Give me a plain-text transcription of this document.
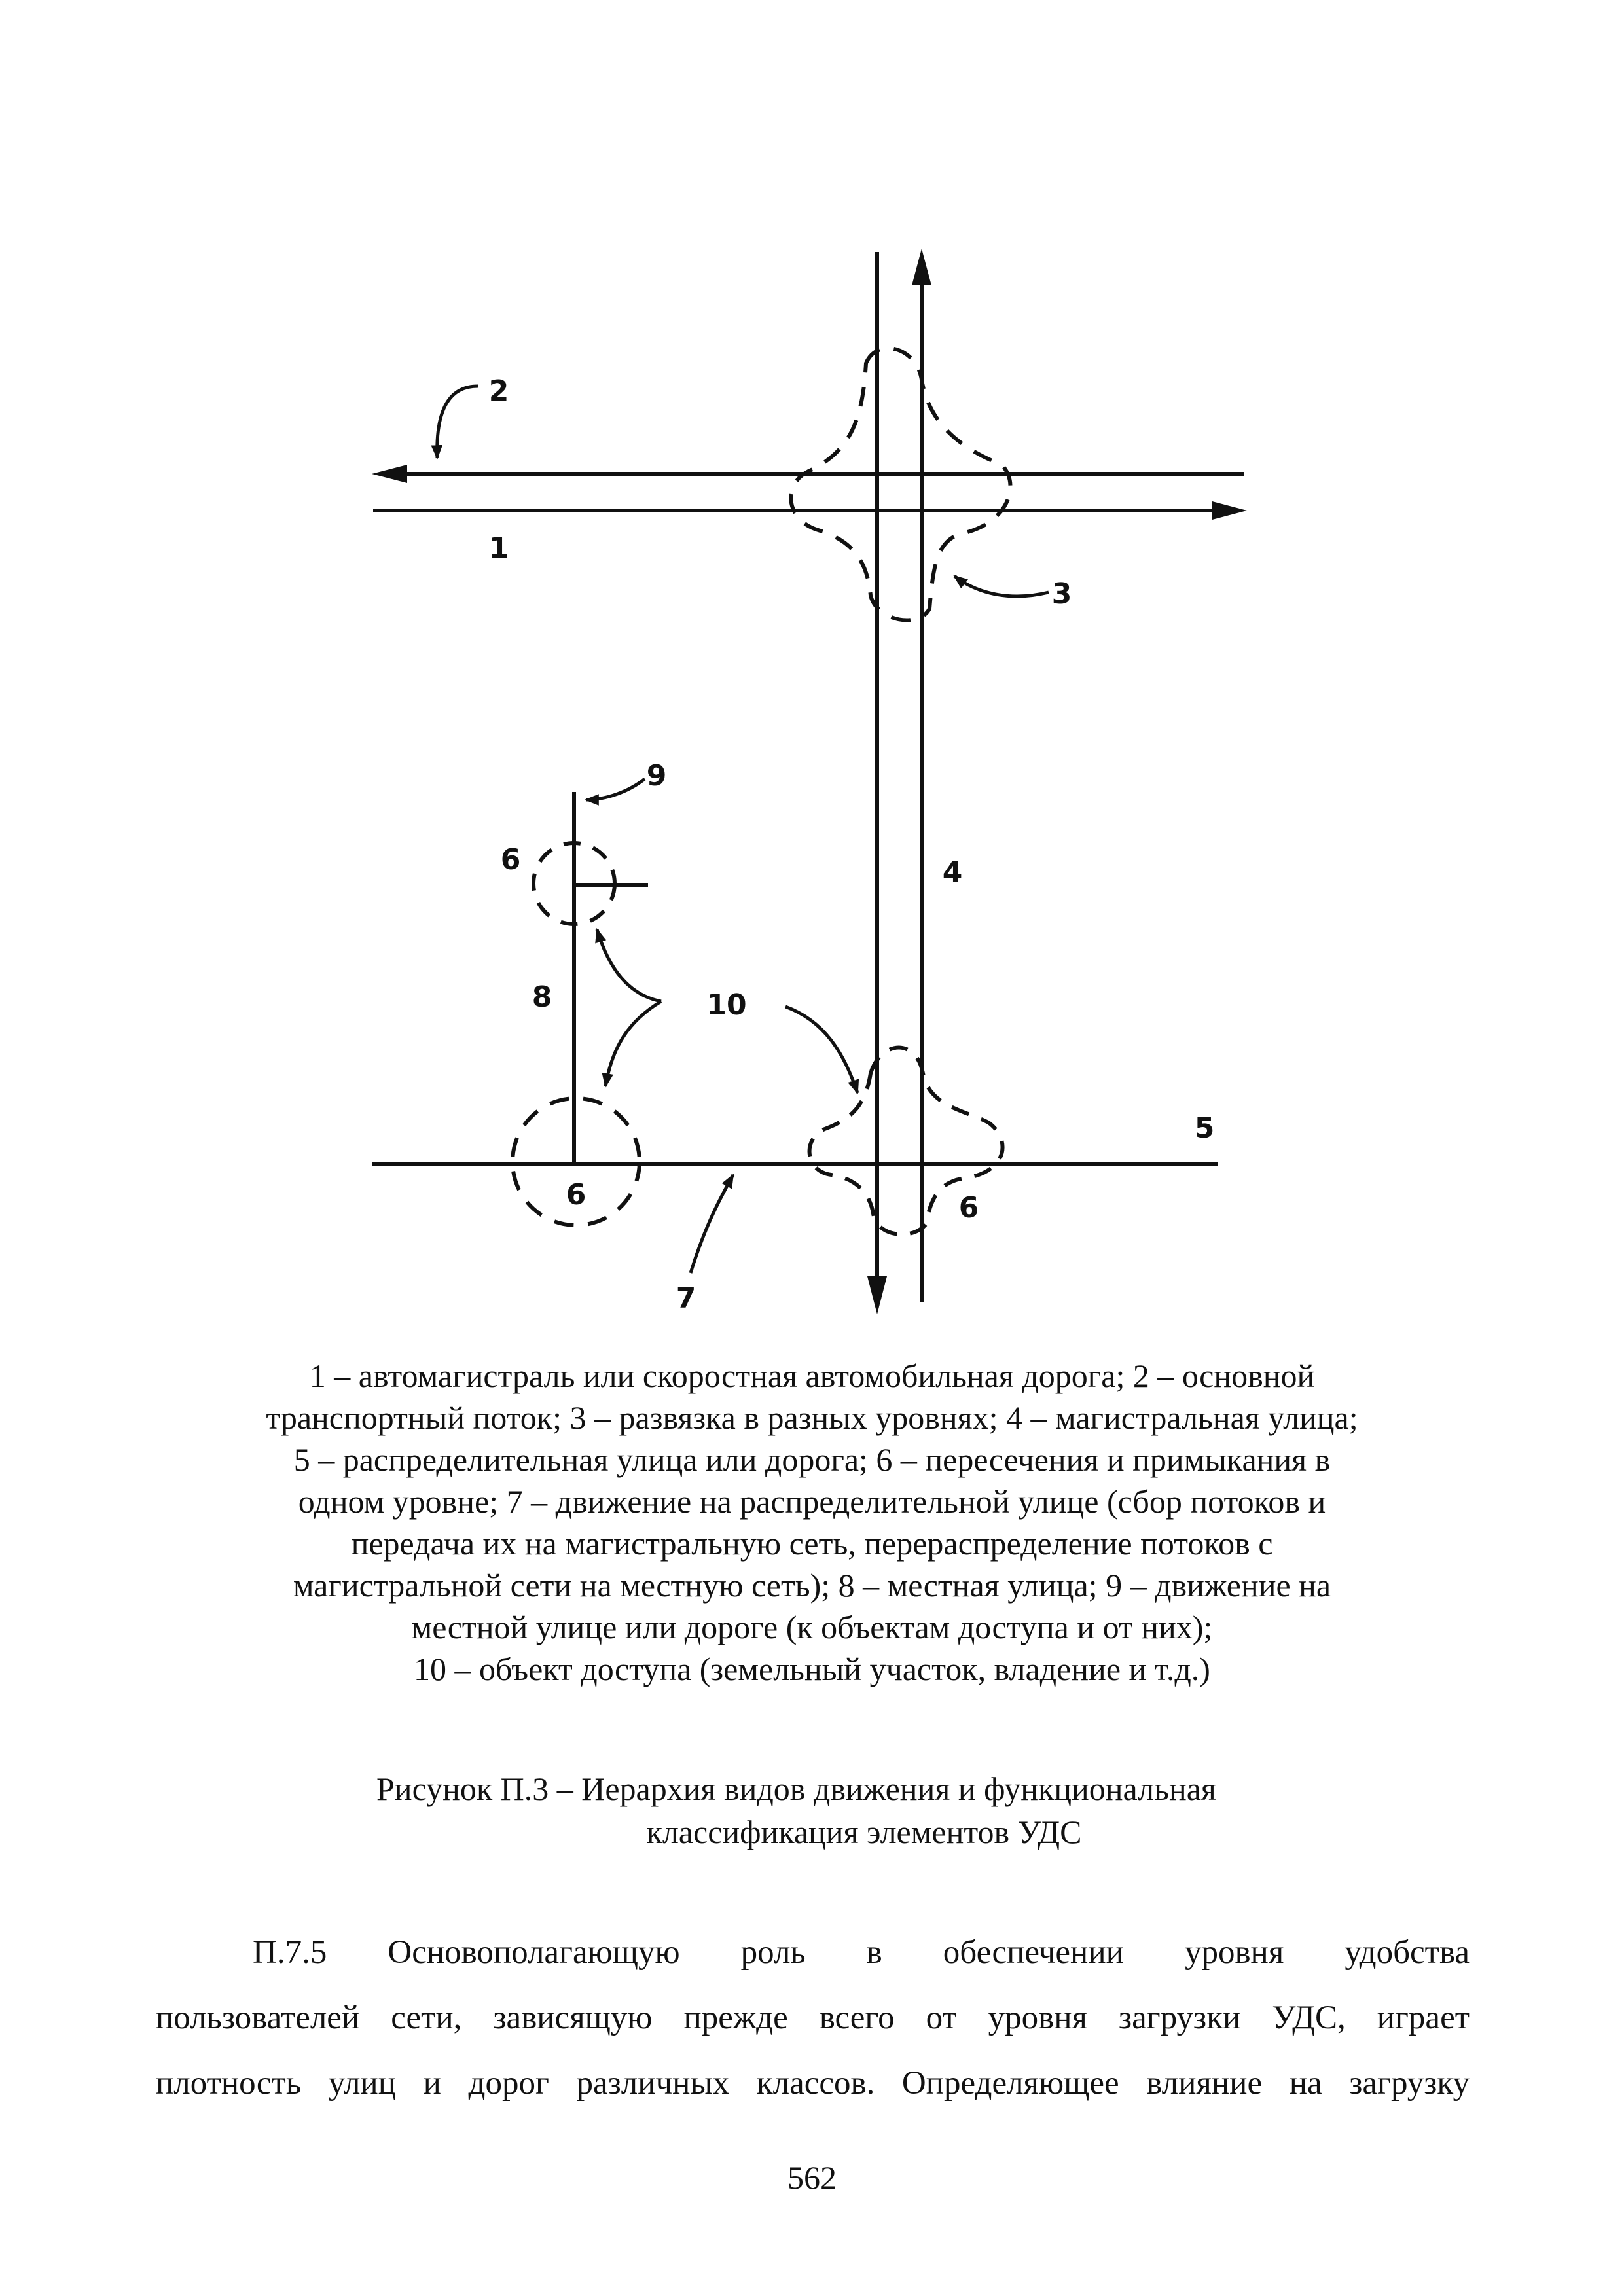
1
2
3
4
5
6
6	6
7
8
9
10
1 – автомагистраль или скоростная автомобильная дорога; 2 – основной
транспортный поток; 3 – развязка в разных уровнях; 4 – магистральная улица;
5 – распределительная улица или дорога; 6 – пересечения и примыкания в
одном уровне; 7 – движение на распределительной улице (сбор потоков и
передача их на магистральную сеть, перераспределение потоков с
магистральной сети на местную сеть); 8 – местная улица; 9 – движение на
местной улице или дороге (к объектам доступа и от них);
10 – объект доступа (земельный участок, владение и т.д.)
Рисунок П.3 – Иерархия видов движения и функциональная
классификация элементов УДС
П.7.5 Основополагающую роль в обеспечении уровня удобства
пользователей сети, зависящую прежде всего от уровня загрузки УДС, играет
плотность улиц и дорог различных классов. Определяющее влияние на загрузку
562
